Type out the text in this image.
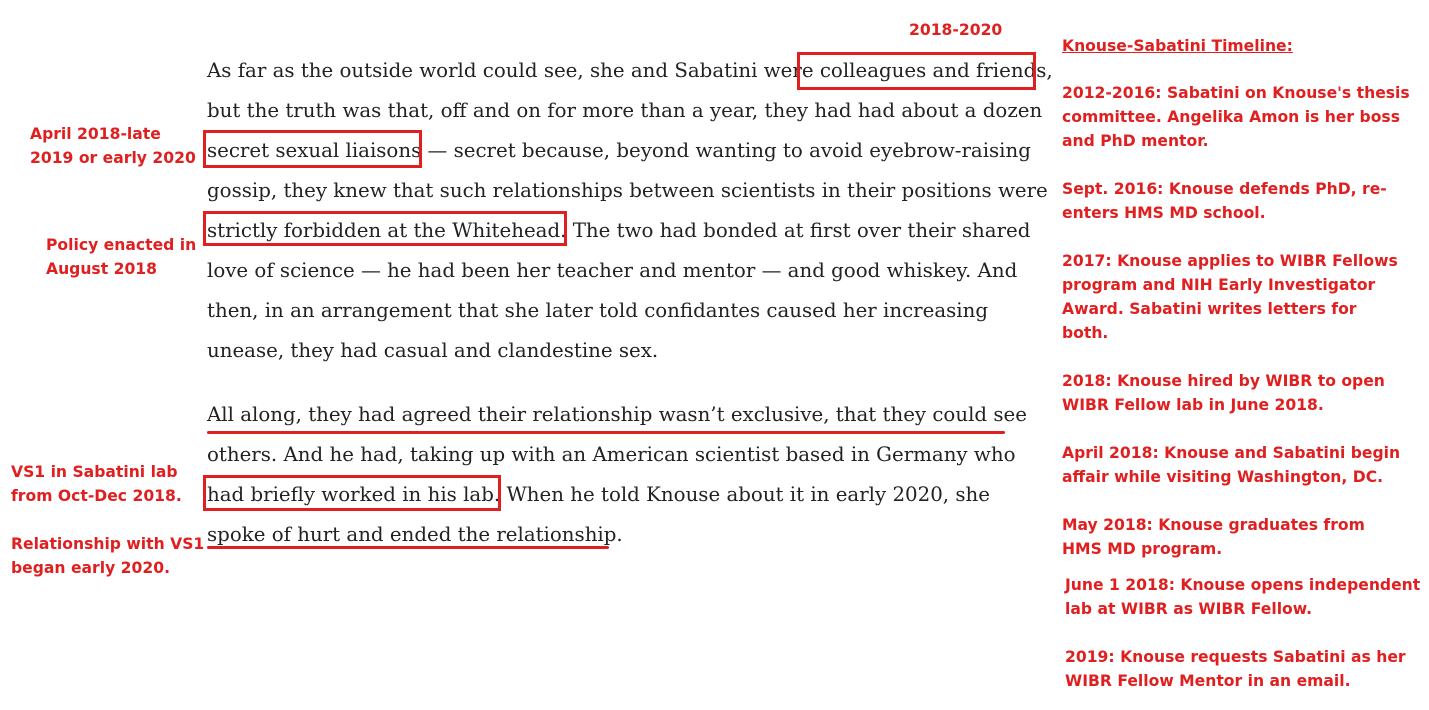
As far as the outside world could see, she and Sabatini were colleagues and friends,
but the truth was that, off and on for more than a year, they had had about a dozen
secret sexual liaisons — secret because, beyond wanting to avoid eyebrow-raising
gossip, they knew that such relationships between scientists in their positions were
strictly forbidden at the Whitehead. The two had bonded at first over their shared
love of science — he had been her teacher and mentor — and good whiskey. And
then, in an arrangement that she later told confidantes caused her increasing
unease, they had casual and clandestine sex.
All along, they had agreed their relationship wasn’t exclusive, that they could see
others. And he had, taking up with an American scientist based in Germany who
had briefly worked in his lab. When he told Knouse about it in early 2020, she
spoke of hurt and ended the relationship.

2018-2020

April 2018-late
2019 or early 2020

Policy enacted in
August 2018

VS1 in Sabatini lab
from Oct-Dec 2018.

Relationship with VS1
began early 2020.

Knouse-Sabatini Timeline:

2012-2016: Sabatini on Knouse's thesis
committee. Angelika Amon is her boss
and PhD mentor.

Sept. 2016: Knouse defends PhD, re-
enters HMS MD school.

2017: Knouse applies to WIBR Fellows
program and NIH Early Investigator
Award. Sabatini writes letters for
both.

2018: Knouse hired by WIBR to open
WIBR Fellow lab in June 2018.

April 2018: Knouse and Sabatini begin
affair while visiting Washington, DC.

May 2018: Knouse graduates from
HMS MD program.

June 1 2018: Knouse opens independent
lab at WIBR as WIBR Fellow.

2019: Knouse requests Sabatini as her
WIBR Fellow Mentor in an email.
